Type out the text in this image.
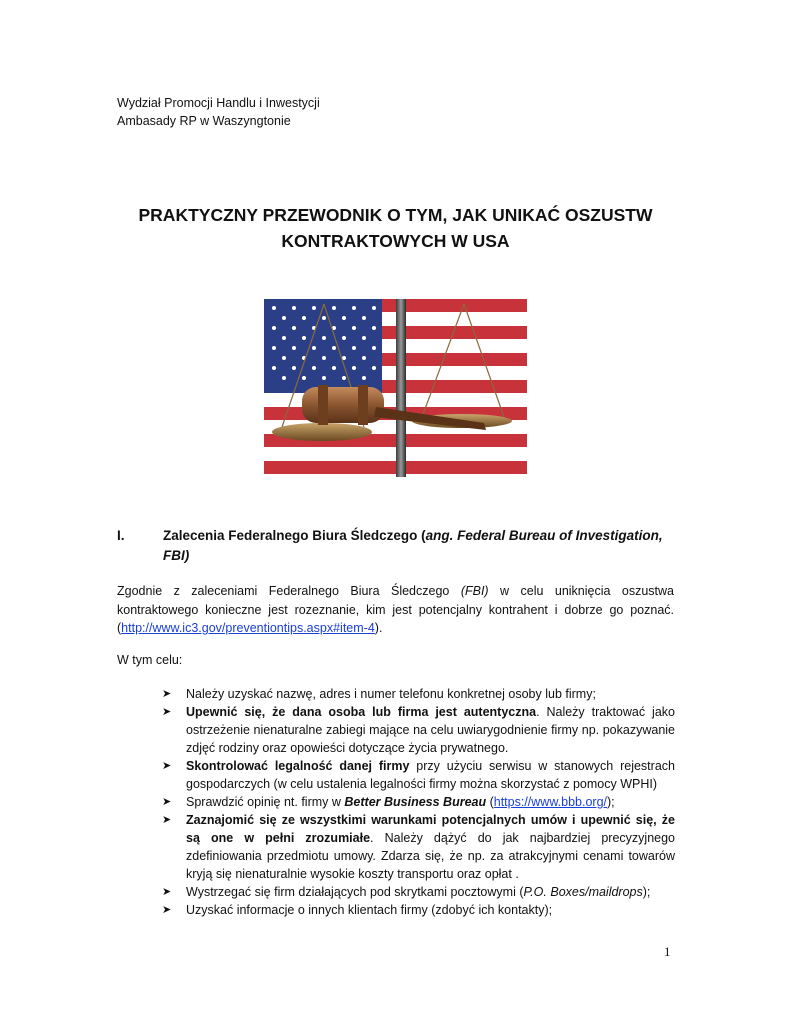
Wydział Promocji Handlu i Inwestycji
Ambasady RP w Waszyngtonie
PRAKTYCZNY PRZEWODNIK O TYM, JAK UNIKAĆ OSZUSTW
KONTRAKTOWYCH W USA
I.	Zalecenia Federalnego Biura Śledczego (ang. Federal Bureau of Investigation, FBI)
Zgodnie z zaleceniami Federalnego Biura Śledczego (FBI) w celu uniknięcia oszustwa kontraktowego konieczne jest rozeznanie, kim jest potencjalny kontrahent i dobrze go poznać. (http://www.ic3.gov/preventiontips.aspx#item-4).
W tym celu:
➤ Należy uzyskać nazwę, adres i numer telefonu konkretnej osoby lub firmy;
➤ Upewnić się, że dana osoba lub firma jest autentyczna. Należy traktować jako ostrzeżenie nienaturalne zabiegi mające na celu uwiarygodnienie firmy np. pokazywanie zdjęć rodziny oraz opowieści dotyczące życia prywatnego.
➤ Skontrolować legalność danej firmy przy użyciu serwisu w stanowych rejestrach gospodarczych (w celu ustalenia legalności firmy można skorzystać z pomocy WPHI)
➤ Sprawdzić opinię nt. firmy w Better Business Bureau (https://www.bbb.org/);
➤ Zaznajomić się ze wszystkimi warunkami potencjalnych umów i upewnić się, że są one w pełni zrozumiałe. Należy dążyć do jak najbardziej precyzyjnego zdefiniowania przedmiotu umowy. Zdarza się, że np. za atrakcyjnymi cenami towarów kryją się nienaturalnie wysokie koszty transportu oraz opłat .
➤ Wystrzegać się firm działających pod skrytkami pocztowymi (P.O. Boxes/maildrops);
➤ Uzyskać informacje o innych klientach firmy (zdobyć ich kontakty);
1
